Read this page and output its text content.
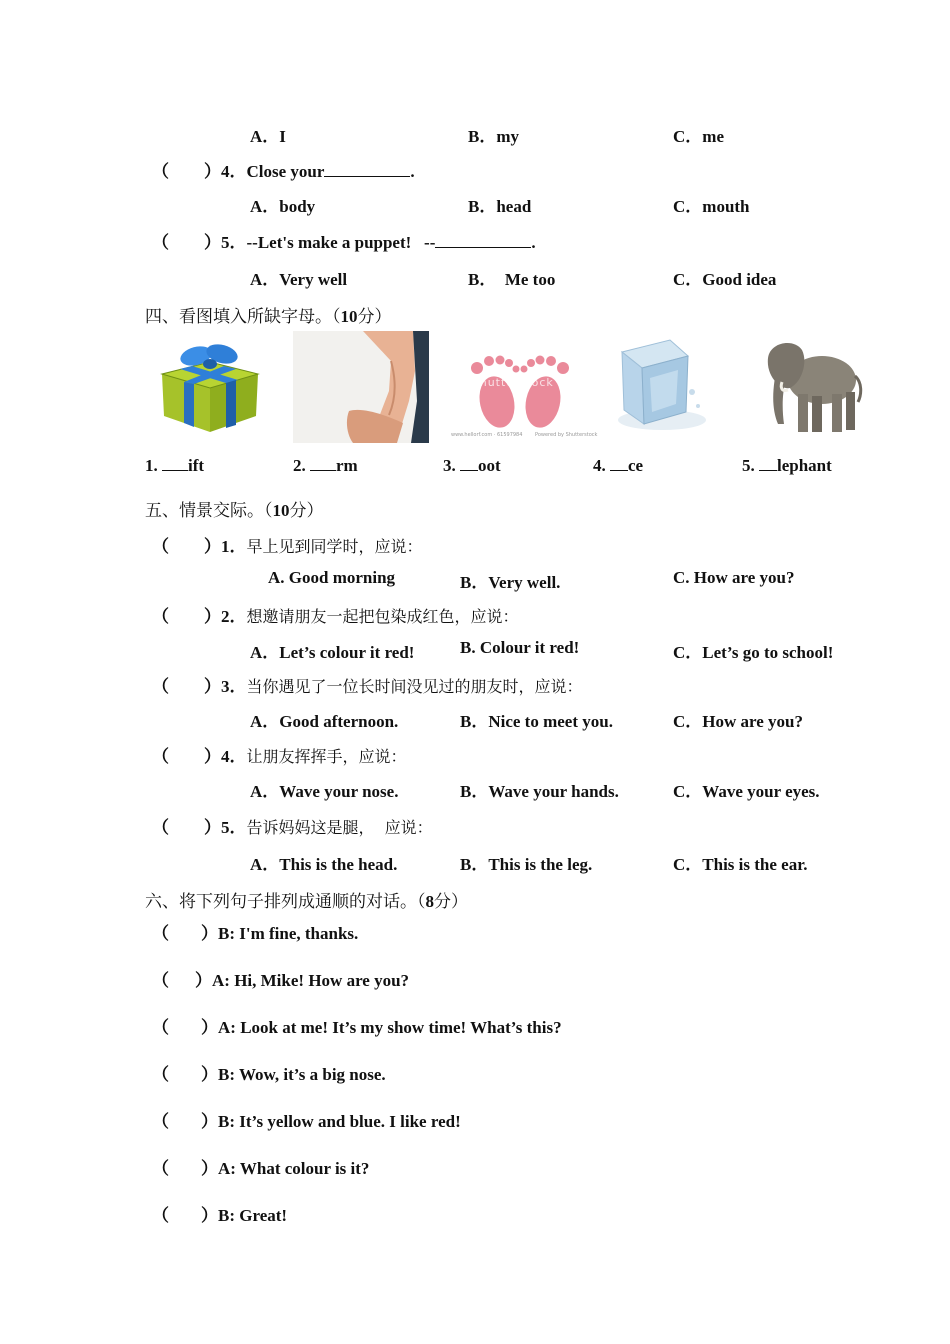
A．I	B．my	C．me
（ ）4．Close your	.
A．body	B．head	C．mouth
（ ）5．--Let's make a puppet!   --	.
A．Very well	B．  Me too	C．Good idea
四、看图填入所缺字母。（10分）
shutterstock
www.hellorf.com · 61597984	Powered by Shutterstock
1. ift	2. rm	3. oot	4. ce	5. lephant
五、情景交际。（10分）
（ ）1．早上见到同学时，应说：
A. Good morning	B．Very well.	C. How are you?
（ ）2．想邀请朋友一起把包染成红色，应说：
A．Let’s colour it red!	B. Colour it red!	C．Let’s go to school!
（ ）3．当你遇见了一位长时间没见过的朋友时，应说：
A．Good afternoon.	B．Nice to meet you.	C．How are you?
（ ）4．让朋友挥挥手，应说：
A．Wave your nose.	B．Wave your hands.	C．Wave your eyes.
（ ）5．告诉妈妈这是腿，  应说：
A．This is the head.	B．This is the leg.	C．This is the ear.
六、将下列句子排列成通顺的对话。（8分）
（ ）B: I'm fine, thanks.
（ ）A: Hi, Mike! How are you?
（ ）A: Look at me! It’s my show time! What’s this?
（ ）B: Wow, it’s a big nose.
（ ）B: It’s yellow and blue. I like red!
（ ）A: What colour is it?
（ ）B: Great!
